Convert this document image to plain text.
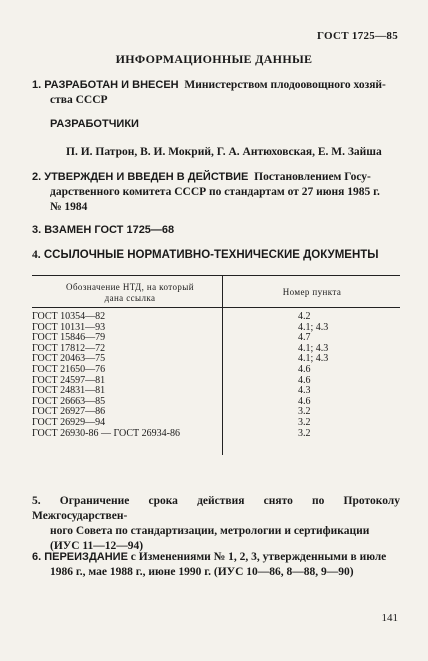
ГОСТ 1725—85
ИНФОРМАЦИОННЫЕ ДАННЫЕ
1. РАЗРАБОТАН И ВНЕСЕН Министерством плодоовощного хозяй-
ства СССР
РАЗРАБОТЧИКИ
П. И. Патрон, В. И. Мокрий, Г. А. Антюховская, Е. М. Зайша
2. УТВЕРЖДЕН И ВВЕДЕН В ДЕЙСТВИЕ Постановлением Госу-
дарственного комитета СССР по стандартам от 27 июня 1985 г.
№ 1984
3. ВЗАМЕН ГОСТ 1725—68
4. ССЫЛОЧНЫЕ НОРМАТИВНО-ТЕХНИЧЕСКИЕ ДОКУМЕНТЫ
Обозначение НТД, на который
дана ссылка
Номер пункта
ГОСТ 10354—82	4.2
ГОСТ 10131—93	4.1; 4.3
ГОСТ 15846—79	4.7
ГОСТ 17812—72	4.1; 4.3
ГОСТ 20463—75	4.1; 4.3
ГОСТ 21650—76	4.6
ГОСТ 24597—81	4.6
ГОСТ 24831—81	4.3
ГОСТ 26663—85	4.6
ГОСТ 26927—86	3.2
ГОСТ 26929—94	3.2
ГОСТ 26930-86 — ГОСТ 26934-86	3.2
5. Ограничение срока действия снято по Протоколу Межгосударствен-
ного Совета по стандартизации, метрологии и сертификации
(ИУС 11—12—94)
6. ПЕРЕИЗДАНИЕ с Изменениями № 1, 2, 3, утвержденными в июле
1986 г., мае 1988 г., июне 1990 г. (ИУС 10—86, 8—88, 9—90)
141
